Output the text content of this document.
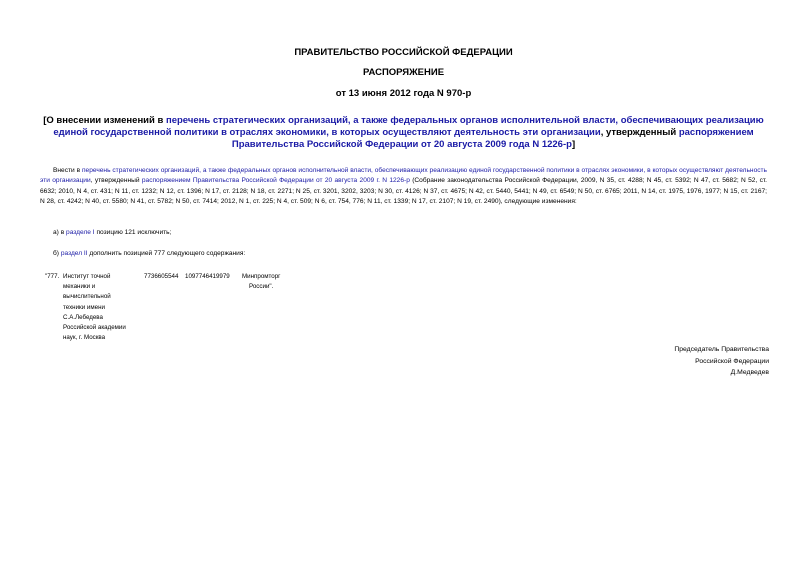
ПРАВИТЕЛЬСТВО РОССИЙСКОЙ ФЕДЕРАЦИИ
РАСПОРЯЖЕНИЕ
от 13 июня 2012 года N 970-р
[О внесении изменений в перечень стратегических организаций, а также федеральных органов исполнительной власти, обеспечивающих реализацию единой государственной политики в отраслях экономики, в которых осуществляют деятельность эти организации, утвержденный распоряжением Правительства Российской Федерации от 20 августа 2009 года N 1226-р]
Внести в перечень стратегических организаций, а также федеральных органов исполнительной власти, обеспечивающих реализацию единой государственной политики в отраслях экономики, в которых осуществляют деятельность эти организации, утвержденный распоряжением Правительства Российской Федерации от 20 августа 2009 г. N 1226-р (Собрание законодательства Российской Федерации, 2009, N 35, ст. 4288; N 45, ст. 5392; N 47, ст. 5682; N 52, ст. 6632; 2010, N 4, ст. 431; N 11, ст. 1232; N 12, ст. 1396; N 17, ст. 2128; N 18, ст. 2271; N 25, ст. 3201, 3202, 3203; N 30, ст. 4126; N 37, ст. 4675; N 42, ст. 5440, 5441; N 49, ст. 6549; N 50, ст. 6765; 2011, N 14, ст. 1975, 1976, 1977; N 15, ст. 2167; N 28, ст. 4242; N 40, ст. 5580; N 41, ст. 5782; N 50, ст. 7414; 2012, N 1, ст. 225; N 4, ст. 509; N 6, ст. 754, 776; N 11, ст. 1339; N 17, ст. 2107; N 19, ст. 2490), следующие изменения:
а) в разделе I позицию 121 исключить;
б) раздел II дополнить позицией 777 следующего содержания:
"777. Институт точной
механики и
вычислительной
техники имени
С.А.Лебедева
Российской академии
наук, г. Москва
7736605544 1097746419979 Минпромторг
России".
Председатель Правительства
Российской Федерации
Д.Медведев
